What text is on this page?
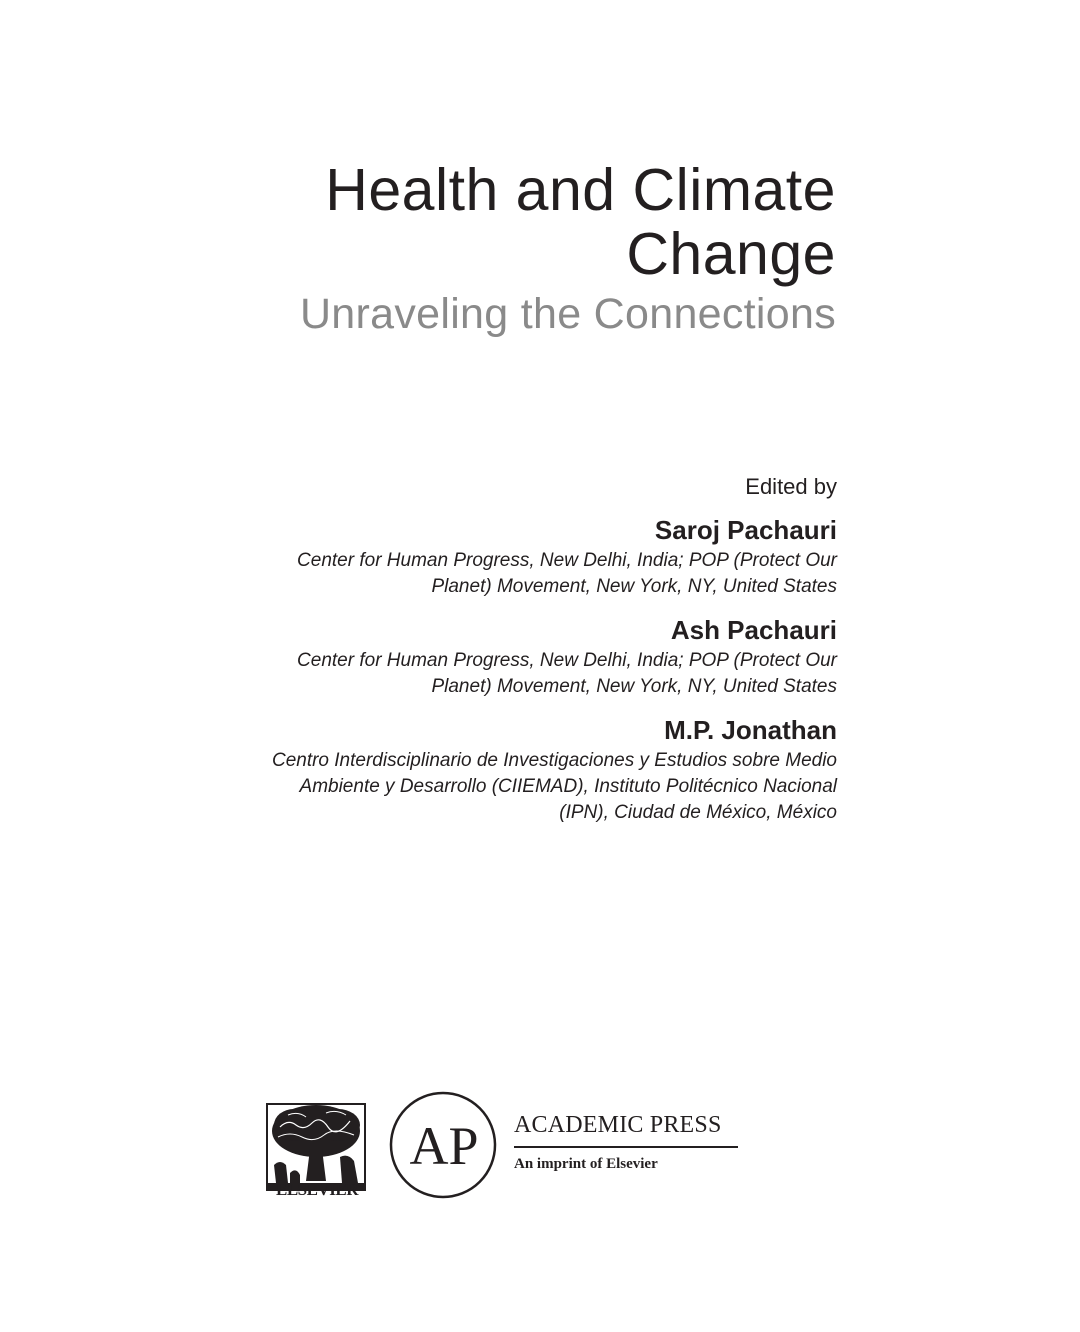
Health and Climate
Change
Unraveling the Connections
Edited by
Saroj Pachauri
Center for Human Progress, New Delhi, India; POP (Protect Our
Planet) Movement, New York, NY, United States
Ash Pachauri
Center for Human Progress, New Delhi, India; POP (Protect Our
Planet) Movement, New York, NY, United States
M.P. Jonathan
Centro Interdisciplinario de Investigaciones y Estudios sobre Medio
Ambiente y Desarrollo (CIIEMAD), Instituto Politécnico Nacional
(IPN), Ciudad de México, México
ELSEVIER
AP ACADEMIC PRESS
An imprint of Elsevier
